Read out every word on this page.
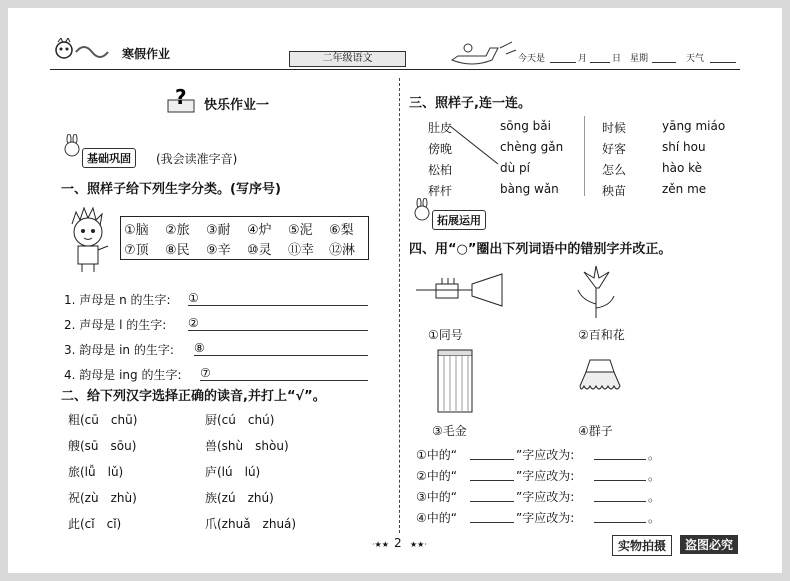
寒假作业	二年级语文	今天是	月	日 星期	天气
? 快乐作业一
基础巩固	(我会读准字音)
一、照样子给下列生字分类。(写序号)
①脑 ②旅 ③耐 ④炉 ⑤泥 ⑥梨
⑦顶 ⑧民 ⑨辛 ⑩灵 ⑪幸 ⑫淋
1. 声母是 n 的生字: ①
2. 声母是 l 的生字: ②
3. 韵母是 in 的生字: ⑧
4. 韵母是 ing 的生字: ⑦
二、给下列汉字选择正确的读音,并打上“√”。
粗(cū　chū)
艘(sū　sōu)
旅(lǚ　lǔ)
祝(zù　zhù)
此(cǐ　cǐ)
厨(cú　chú)
兽(shù　shòu)
庐(lú　lú)
族(zú　zhú)
爪(zhuǎ　zhuá)
三、照样子,连一连。
肚皮
傍晚
松柏
秤杆
sōng bǎi
chèng gǎn
dù pí
bàng wǎn
时候
好客
怎么
秧苗
yāng miáo
shí hou
hào kè
zěn me
拓展运用
四、用“○”圈出下列词语中的错别字并改正。
①同号	②百和花
③毛金	④群子
①中的“	”字应改为:	。
②中的“	”字应改为:	。
③中的“	”字应改为:	。
④中的“	”字应改为:	。
·★★ 2 ★★·	实物拍摄	盗图必究
